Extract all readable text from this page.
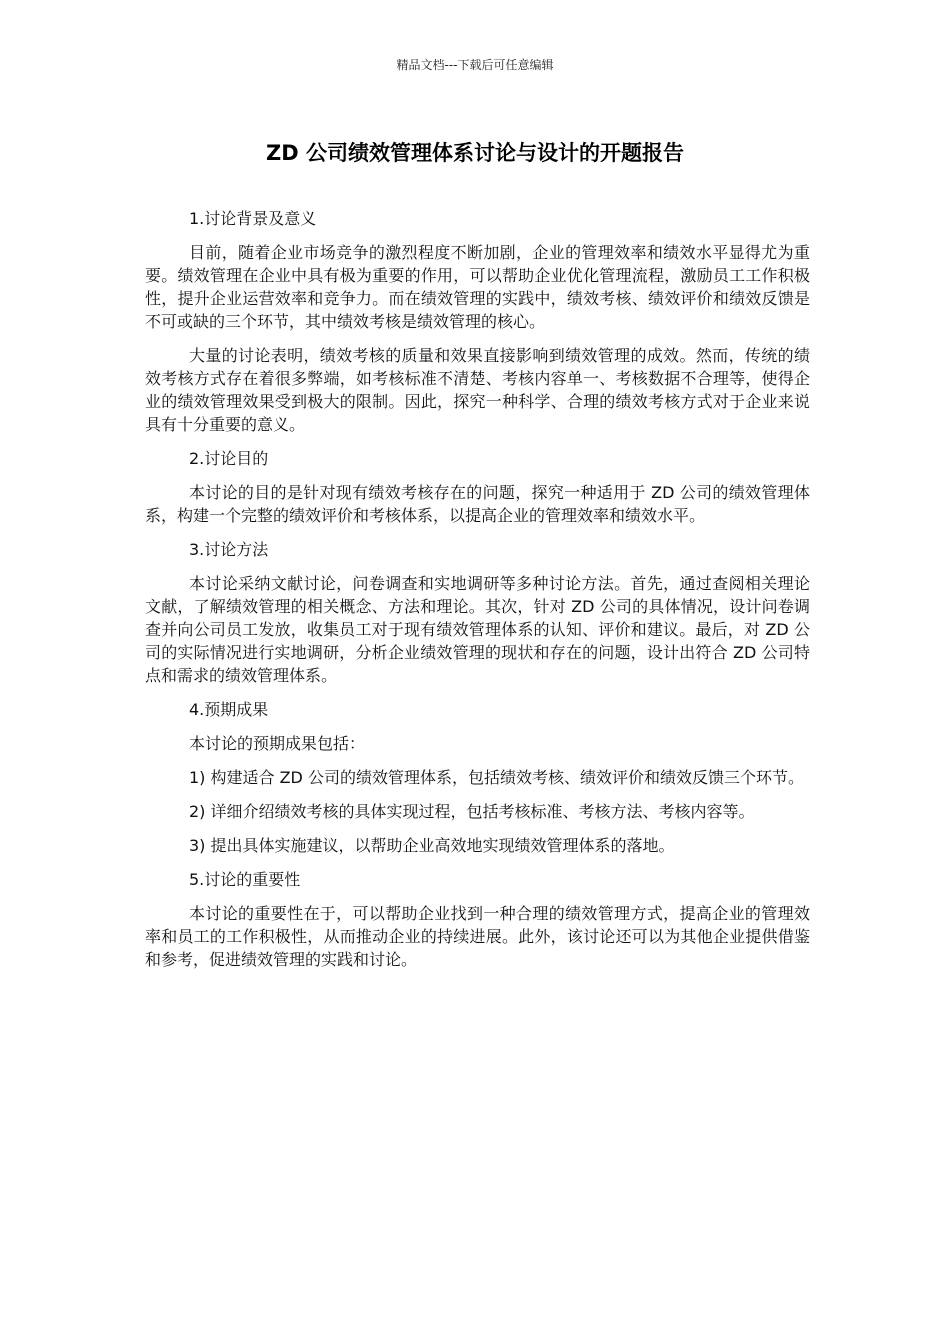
精品文档---下载后可任意编辑
ZD 公司绩效管理体系讨论与设计的开题报告

1.讨论背景及意义

目前，随着企业市场竞争的激烈程度不断加剧，企业的管理效率和绩效水平显得尤为重要。绩效管理在企业中具有极为重要的作用，可以帮助企业优化管理流程，激励员工工作积极性，提升企业运营效率和竞争力。而在绩效管理的实践中，绩效考核、绩效评价和绩效反馈是不可或缺的三个环节，其中绩效考核是绩效管理的核心。

大量的讨论表明，绩效考核的质量和效果直接影响到绩效管理的成效。然而，传统的绩效考核方式存在着很多弊端，如考核标准不清楚、考核内容单一、考核数据不合理等，使得企业的绩效管理效果受到极大的限制。因此，探究一种科学、合理的绩效考核方式对于企业来说具有十分重要的意义。

2.讨论目的

本讨论的目的是针对现有绩效考核存在的问题，探究一种适用于 ZD 公司的绩效管理体系，构建一个完整的绩效评价和考核体系，以提高企业的管理效率和绩效水平。

3.讨论方法

本讨论采纳文献讨论，问卷调查和实地调研等多种讨论方法。首先，通过查阅相关理论文献，了解绩效管理的相关概念、方法和理论。其次，针对 ZD 公司的具体情况，设计问卷调查并向公司员工发放，收集员工对于现有绩效管理体系的认知、评价和建议。最后，对 ZD 公司的实际情况进行实地调研，分析企业绩效管理的现状和存在的问题，设计出符合 ZD 公司特点和需求的绩效管理体系。

4.预期成果

本讨论的预期成果包括：

1) 构建适合 ZD 公司的绩效管理体系，包括绩效考核、绩效评价和绩效反馈三个环节。

2) 详细介绍绩效考核的具体实现过程，包括考核标准、考核方法、考核内容等。

3) 提出具体实施建议，以帮助企业高效地实现绩效管理体系的落地。

5.讨论的重要性

本讨论的重要性在于，可以帮助企业找到一种合理的绩效管理方式，提高企业的管理效率和员工的工作积极性，从而推动企业的持续进展。此外，该讨论还可以为其他企业提供借鉴和参考，促进绩效管理的实践和讨论。
